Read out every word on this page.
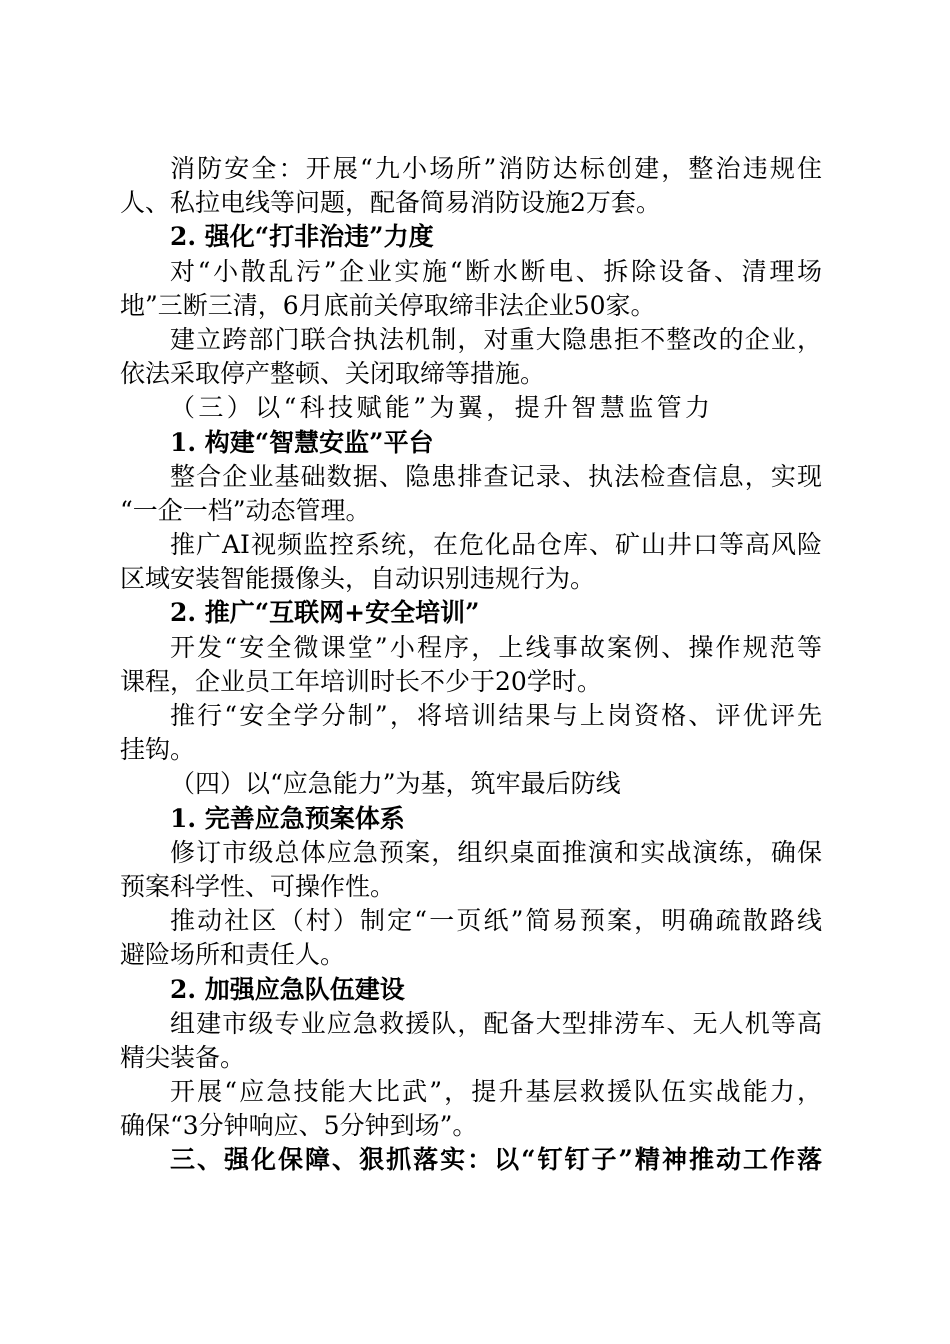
消防安全：开展“九小场所”消防达标创建，整治违规住
人、私拉电线等问题，配备简易消防设施2万套。
2. 强化“打非治违”力度
对“小散乱污”企业实施“断水断电、拆除设备、清理场
地”三断三清，6月底前关停取缔非法企业50家。
建立跨部门联合执法机制，对重大隐患拒不整改的企业，
依法采取停产整顿、关闭取缔等措施。
（三）以“科技赋能”为翼，提升智慧监管力
1. 构建“智慧安监”平台
整合企业基础数据、隐患排查记录、执法检查信息，实现
“一企一档”动态管理。
推广AI视频监控系统，在危化品仓库、矿山井口等高风险
区域安装智能摄像头，自动识别违规行为。
2. 推广“互联网+安全培训”
开发“安全微课堂”小程序，上线事故案例、操作规范等
课程，企业员工年培训时长不少于20学时。
推行“安全学分制”，将培训结果与上岗资格、评优评先
挂钩。
（四）以“应急能力”为基，筑牢最后防线
1. 完善应急预案体系
修订市级总体应急预案，组织桌面推演和实战演练，确保
预案科学性、可操作性。
推动社区（村）制定“一页纸”简易预案，明确疏散路线
避险场所和责任人。
2. 加强应急队伍建设
组建市级专业应急救援队，配备大型排涝车、无人机等高
精尖装备。
开展“应急技能大比武”，提升基层救援队伍实战能力，
确保“3分钟响应、5分钟到场”。
三、强化保障、狠抓落实：以“钉钉子”精神推动工作落
